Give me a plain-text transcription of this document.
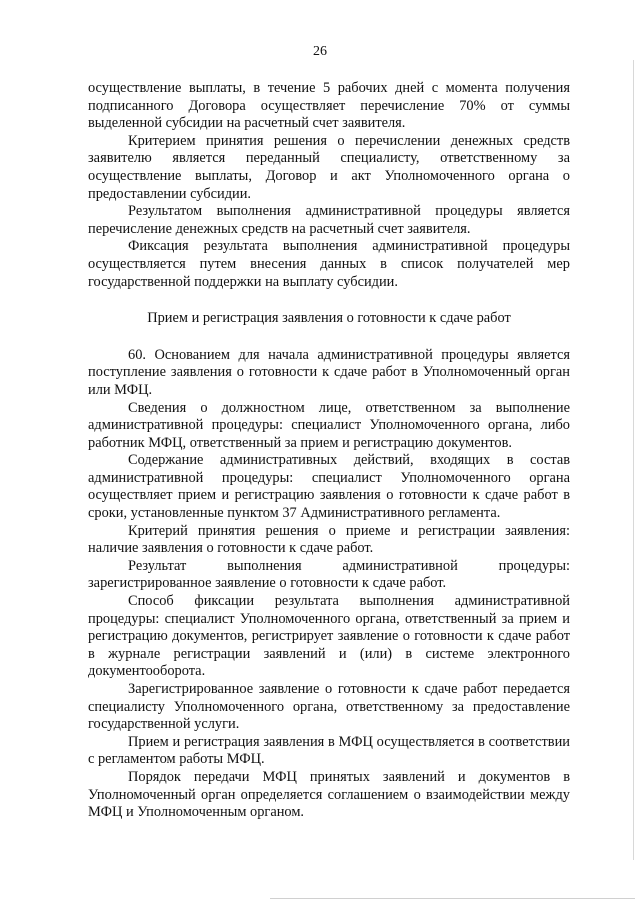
26

осуществление выплаты, в течение 5 рабочих дней с момента получения подписанного Договора осуществляет перечисление 70% от суммы выделенной субсидии на расчетный счет заявителя.

Критерием принятия решения о перечислении денежных средств заявителю является переданный специалисту, ответственному за осуществление выплаты, Договор и акт Уполномоченного органа о предоставлении субсидии.

Результатом выполнения административной процедуры является перечисление денежных средств на расчетный счет заявителя.

Фиксация результата выполнения административной процедуры осуществляется путем внесения данных в список получателей мер государственной поддержки на выплату субсидии.

Прием и регистрация заявления о готовности к сдаче работ

60. Основанием для начала административной процедуры является поступление заявления о готовности к сдаче работ в Уполномоченный орган или МФЦ.

Сведения о должностном лице, ответственном за выполнение административной процедуры: специалист Уполномоченного органа, либо работник МФЦ, ответственный за прием и регистрацию документов.

Содержание административных действий, входящих в состав административной процедуры: специалист Уполномоченного органа осуществляет прием и регистрацию заявления о готовности к сдаче работ в сроки, установленные пунктом 37 Административного регламента.

Критерий принятия решения о приеме и регистрации заявления: наличие заявления о готовности к сдаче работ.

Результат выполнения административной процедуры: зарегистрированное заявление о готовности к сдаче работ.

Способ фиксации результата выполнения административной процедуры: специалист Уполномоченного органа, ответственный за прием и регистрацию документов, регистрирует заявление о готовности к сдаче работ в журнале регистрации заявлений и (или) в системе электронного документооборота.

Зарегистрированное заявление о готовности к сдаче работ передается специалисту Уполномоченного органа, ответственному за предоставление государственной услуги.

Прием и регистрация заявления в МФЦ осуществляется в соответствии с регламентом работы МФЦ.

Порядок передачи МФЦ принятых заявлений и документов в Уполномоченный орган определяется соглашением о взаимодействии между МФЦ и Уполномоченным органом.
